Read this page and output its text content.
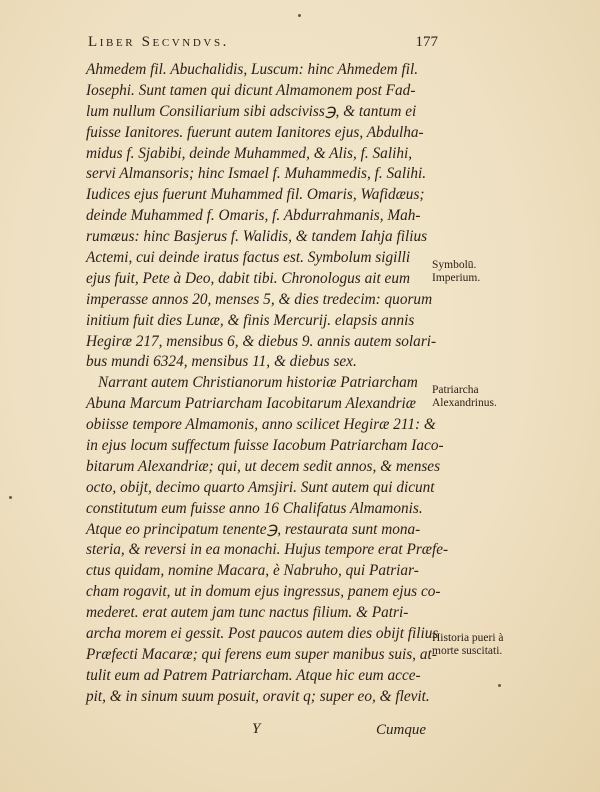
Liber Secvndvs.	177
Ahmedem fil. Abuchalidis, Luscum: hinc Ahmedem fil.
Iosephi. Sunt tamen qui dicunt Almamonem post Fad-
lum nullum Consiliarium sibi adsciviss℈, & tantum ei
fuisse Ianitores. fuerunt autem Ianitores ejus, Abdulha-
midus f. Sjabibi, deinde Muhammed, & Alis, f. Salihi,
servi Almansoris; hinc Ismael f. Muhammedis, f. Salihi.
Iudices ejus fuerunt Muhammed fil. Omaris, Wafidæus;
deinde Muhammed f. Omaris, f. Abdurrahmanis, Mah-
rumæus: hinc Basjerus f. Walidis, & tandem Iahja filius
Actemi, cui deinde iratus factus est. Symbolum sigilli
ejus fuit, Pete à Deo, dabit tibi. Chronologus ait eum
imperasse annos 20, menses 5, & dies tredecim: quorum
initium fuit dies Lunæ, & finis Mercurij. elapsis annis
Hegiræ 217, mensibus 6, & diebus 9. annis autem solari-
bus mundi 6324, mensibus 11, & diebus sex.
Narrant autem Christianorum historiæ Patriarcham
Abuna Marcum Patriarcham Iacobitarum Alexandriæ
obiisse tempore Almamonis, anno scilicet Hegiræ 211: &
in ejus locum suffectum fuisse Iacobum Patriarcham Iaco-
bitarum Alexandriæ; qui, ut decem sedit annos, & menses
octo, obijt, decimo quarto Amsjiri. Sunt autem qui dicunt
constitutum eum fuisse anno 16 Chalifatus Almamonis.
Atque eo principatum tenente℈, restaurata sunt mona-
steria, & reversi in ea monachi. Hujus tempore erat Præfe-
ctus quidam, nomine Macara, è Nabruho, qui Patriar-
cham rogavit, ut in domum ejus ingressus, panem ejus co-
mederet. erat autem jam tunc nactus filium. & Patri-
archa morem ei gessit. Post paucos autem dies obijt filius
Præfecti Macaræ; qui ferens eum super manibus suis, at-
tulit eum ad Patrem Patriarcham. Atque hic eum acce-
pit, & in sinum suum posuit, oravit q; super eo, & flevit.
Symbolū. Imperium.
Patriarcha Alexandrinus.
Historia pueri à morte suscitati.
Y	Cumque
